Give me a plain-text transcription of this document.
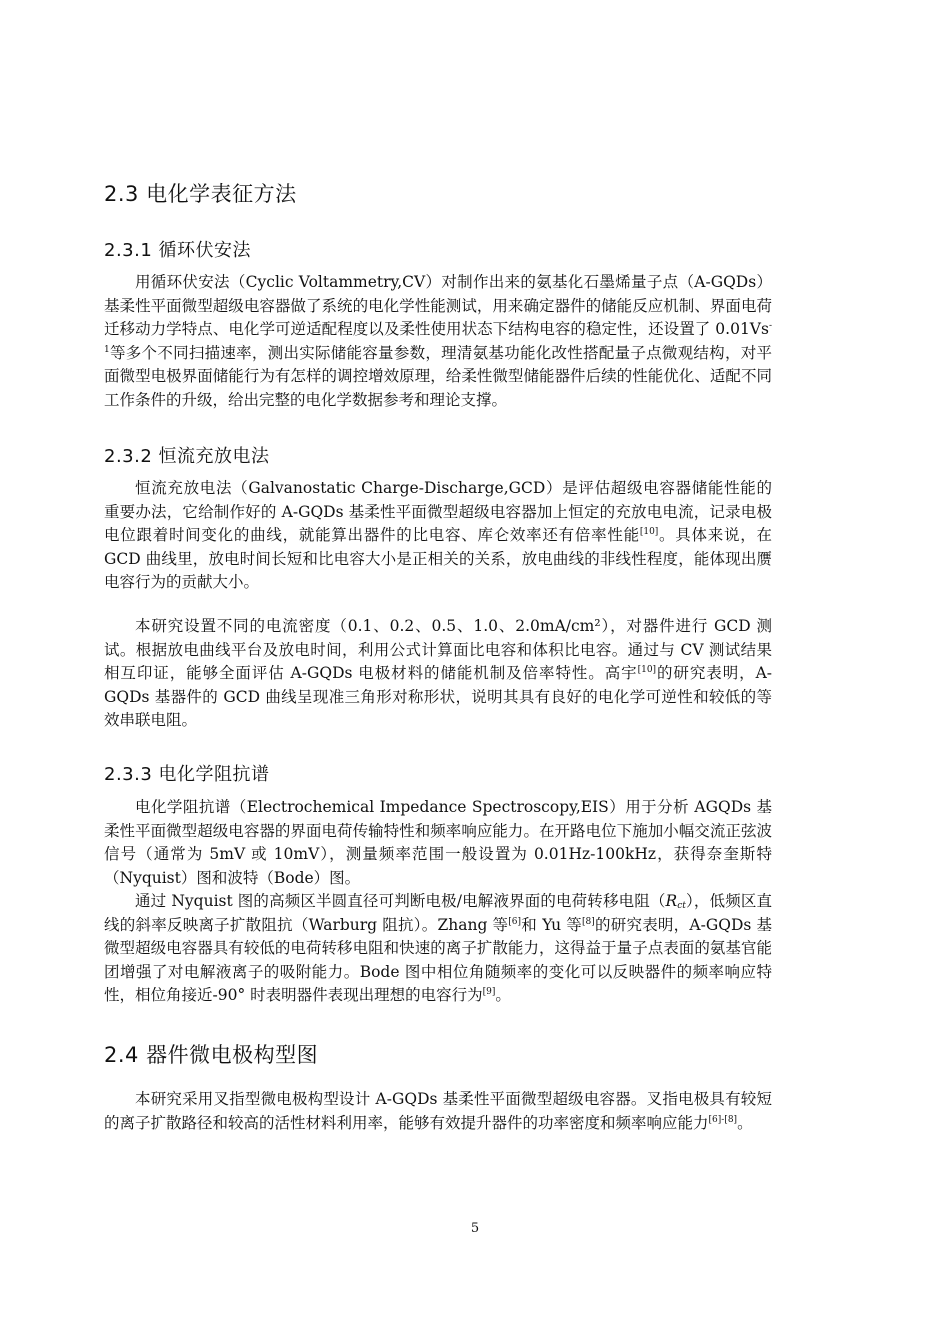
2.3 电化学表征方法
2.3.1 循环伏安法

用循环伏安法（Cyclic Voltammetry,CV）对制作出来的氨基化石墨烯量子点（A-GQDs）基柔性平面微型超级电容器做了系统的电化学性能测试，用来确定器件的储能反应机制、界面电荷迁移动力学特点、电化学可逆适配程度以及柔性使用状态下结构电容的稳定性，还设置了 $0.01Vs^{-1}$等多个不同扫描速率，测出实际储能容量参数，理清氨基功能化改性搭配量子点微观结构，对平面微型电极界面储能行为有怎样的调控增效原理，给柔性微型储能器件后续的性能优化、适配不同工作条件的升级，给出完整的电化学数据参考和理论支撑。

2.3.2 恒流充放电法

恒流充放电法（Galvanostatic Charge-Discharge,GCD）是评估超级电容器储能性能的重要办法，它给制作好的 A-GQDs 基柔性平面微型超级电容器加上恒定的充放电电流，记录电极电位跟着时间变化的曲线，就能算出器件的比电容、库仑效率还有倍率性能[10]。具体来说，在 GCD 曲线里，放电时间长短和比电容大小是正相关的关系，放电曲线的非线性程度，能体现出赝电容行为的贡献大小。

本研究设置不同的电流密度（0.1、0.2、0.5、1.0、2.0mA/cm²），对器件进行 GCD 测试。根据放电曲线平台及放电时间，利用公式计算面比电容和体积比电容。通过与 CV 测试结果相互印证，能够全面评估 A-GQDs 电极材料的储能机制及倍率特性。高宇[10]的研究表明，A-GQDs 基器件的 GCD 曲线呈现准三角形对称形状，说明其具有良好的电化学可逆性和较低的等效串联电阻。

2.3.3 电化学阻抗谱

电化学阻抗谱（Electrochemical Impedance Spectroscopy,EIS）用于分析 AGQDs 基柔性平面微型超级电容器的界面电荷传输特性和频率响应能力。在开路电位下施加小幅交流正弦波信号（通常为 5mV 或 10mV），测量频率范围一般设置为 0.01Hz-100kHz，获得奈奎斯特（Nyquist）图和波特（Bode）图。

通过 Nyquist 图的高频区半圆直径可判断电极/电解液界面的电荷转移电阻$(R_{ct})$，低频区直线的斜率反映离子扩散阻抗（Warburg 阻抗）。Zhang 等[6]和 Yu 等[8]的研究表明，A-GQDs 基微型超级电容器具有较低的电荷转移电阻和快速的离子扩散能力，这得益于量子点表面的氨基官能团增强了对电解液离子的吸附能力。Bode 图中相位角随频率的变化可以反映器件的频率响应特性，相位角接近-90° 时表明器件表现出理想的电容行为[9]。

2.4 器件微电极构型图

本研究采用叉指型微电极构型设计 A-GQDs 基柔性平面微型超级电容器。叉指电极具有较短的离子扩散路径和较高的活性材料利用率，能够有效提升器件的功率密度和频率响应能力[6]-[8]。

5
